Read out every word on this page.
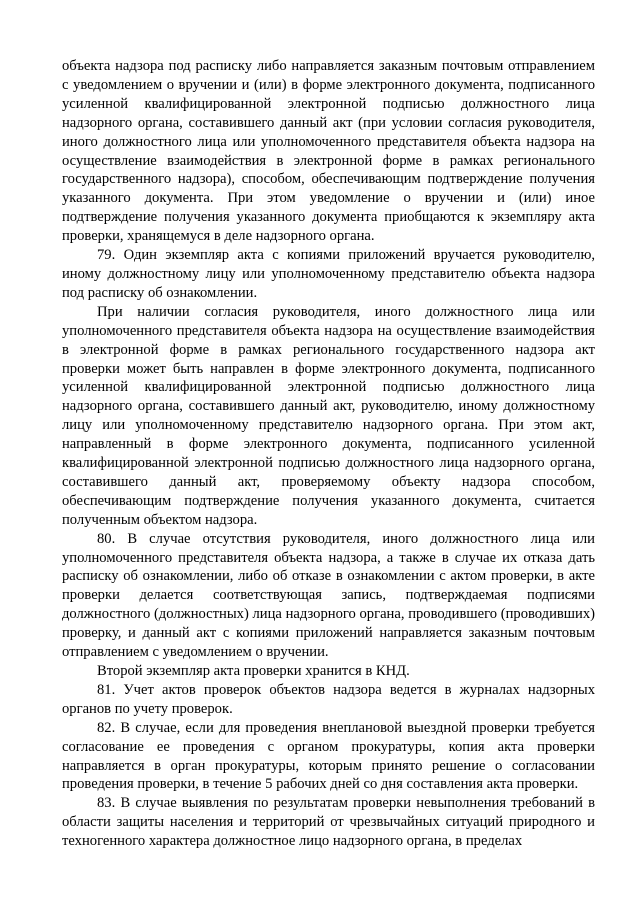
объекта надзора под расписку либо направляется заказным почтовым отправлением с уведомлением о вручении и (или) в форме электронного документа, подписанного усиленной квалифицированной электронной подписью должностного лица надзорного органа, составившего данный акт (при условии согласия руководителя, иного должностного лица или уполномоченного представителя объекта надзора на осуществление взаимодействия в электронной форме в рамках регионального государственного надзора), способом, обеспечивающим подтверждение получения указанного документа. При этом уведомление о вручении и (или) иное подтверждение получения указанного документа приобщаются к экземпляру акта проверки, хранящемуся в деле надзорного органа.

79. Один экземпляр акта с копиями приложений вручается руководителю, иному должностному лицу или уполномоченному представителю объекта надзора под расписку об ознакомлении.

При наличии согласия руководителя, иного должностного лица или уполномоченного представителя объекта надзора на осуществление взаимодействия в электронной форме в рамках регионального государственного надзора акт проверки может быть направлен в форме электронного документа, подписанного усиленной квалифицированной электронной подписью должностного лица надзорного органа, составившего данный акт, руководителю, иному должностному лицу или уполномоченному представителю надзорного органа. При этом акт, направленный в форме электронного документа, подписанного усиленной квалифицированной электронной подписью должностного лица надзорного органа, составившего данный акт, проверяемому объекту надзора способом, обеспечивающим подтверждение получения указанного документа, считается полученным объектом надзора.

80. В случае отсутствия руководителя, иного должностного лица или уполномоченного представителя объекта надзора, а также в случае их отказа дать расписку об ознакомлении, либо об отказе в ознакомлении с актом проверки, в акте проверки делается соответствующая запись, подтверждаемая подписями должностного (должностных) лица надзорного органа, проводившего (проводивших) проверку, и данный акт с копиями приложений направляется заказным почтовым отправлением с уведомлением о вручении.

Второй экземпляр акта проверки хранится в КНД.

81. Учет актов проверок объектов надзора ведется в журналах надзорных органов по учету проверок.

82. В случае, если для проведения внеплановой выездной проверки требуется согласование ее проведения с органом прокуратуры, копия акта проверки направляется в орган прокуратуры, которым принято решение о согласовании проведения проверки, в течение 5 рабочих дней со дня составления акта проверки.

83. В случае выявления по результатам проверки невыполнения требований в области защиты населения и территорий от чрезвычайных ситуаций природного и техногенного характера должностное лицо надзорного органа, в пределах
